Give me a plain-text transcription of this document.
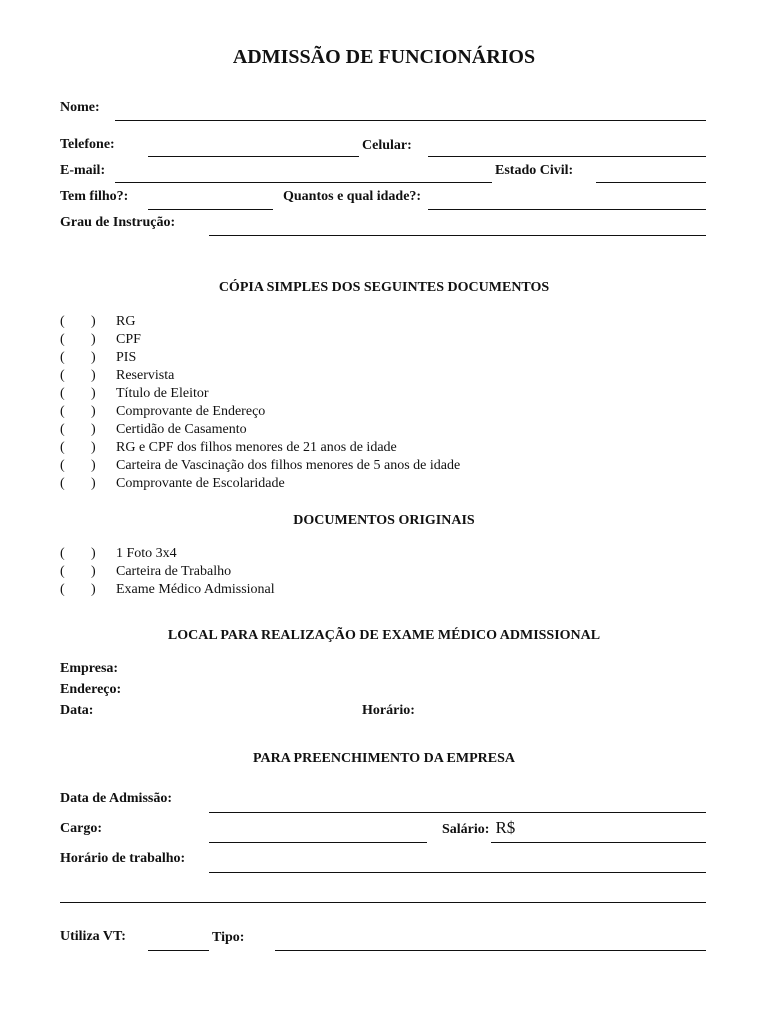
ADMISSÃO DE FUNCIONÁRIOS
Nome:
Telefone:	Celular:
E-mail:	Estado Civil:
Tem filho?:	Quantos e qual idade?:
Grau de Instrução:
CÓPIA SIMPLES DOS SEGUINTES DOCUMENTOS
( ) RG
( ) CPF
( ) PIS
( ) Reservista
( ) Título de Eleitor
( ) Comprovante de Endereço
( ) Certidão de Casamento
( ) RG e CPF dos filhos menores de 21 anos de idade
( ) Carteira de Vascinação dos filhos menores de 5 anos de idade
( ) Comprovante de Escolaridade
DOCUMENTOS ORIGINAIS
( ) 1 Foto 3x4
( ) Carteira de Trabalho
( ) Exame Médico Admissional
LOCAL PARA REALIZAÇÃO DE EXAME MÉDICO ADMISSIONAL
Empresa:
Endereço:
Data:	Horário:
PARA PREENCHIMENTO DA EMPRESA
Data de Admissão:
Cargo:	Salário: R$
Horário de trabalho:
Utiliza VT:	Tipo:
